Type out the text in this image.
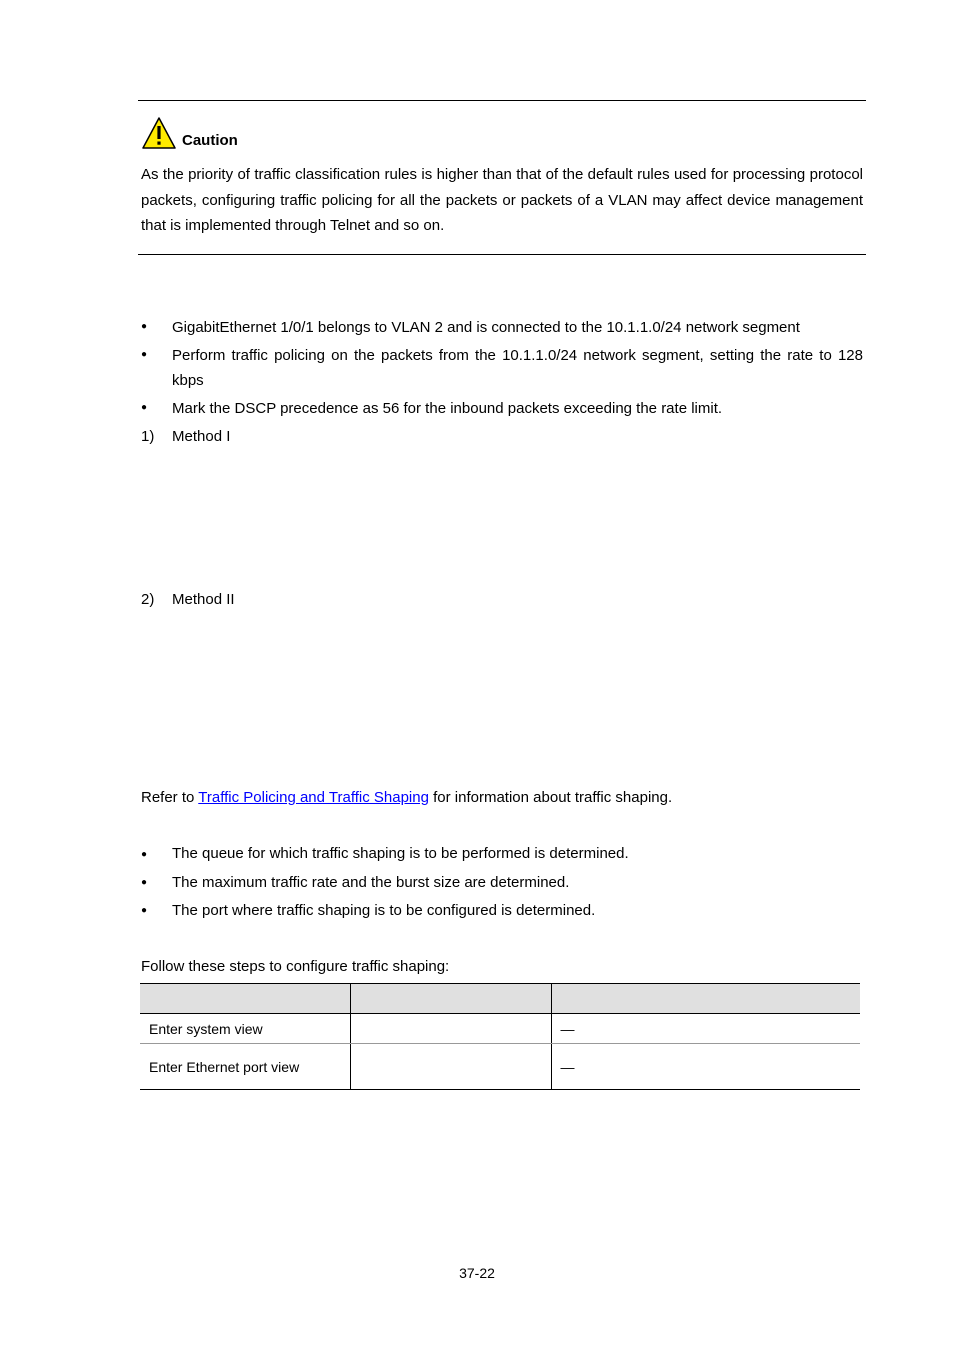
Caution
As the priority of traffic classification rules is higher than that of the default rules used for processing protocol packets, configuring traffic policing for all the packets or packets of a VLAN may affect device management that is implemented through Telnet and so on.
● GigabitEthernet 1/0/1 belongs to VLAN 2 and is connected to the 10.1.1.0/24 network segment
● Perform traffic policing on the packets from the 10.1.1.0/24 network segment, setting the rate to 128 kbps
● Mark the DSCP precedence as 56 for the inbound packets exceeding the rate limit.
1) Method I
2) Method II
Refer to Traffic Policing and Traffic Shaping for information about traffic shaping.
● The queue for which traffic shaping is to be performed is determined.
● The maximum traffic rate and the burst size are determined.
● The port where traffic shaping is to be configured is determined.
Follow these steps to configure traffic shaping:

Enter system view		—
Enter Ethernet port view		—
37-22
